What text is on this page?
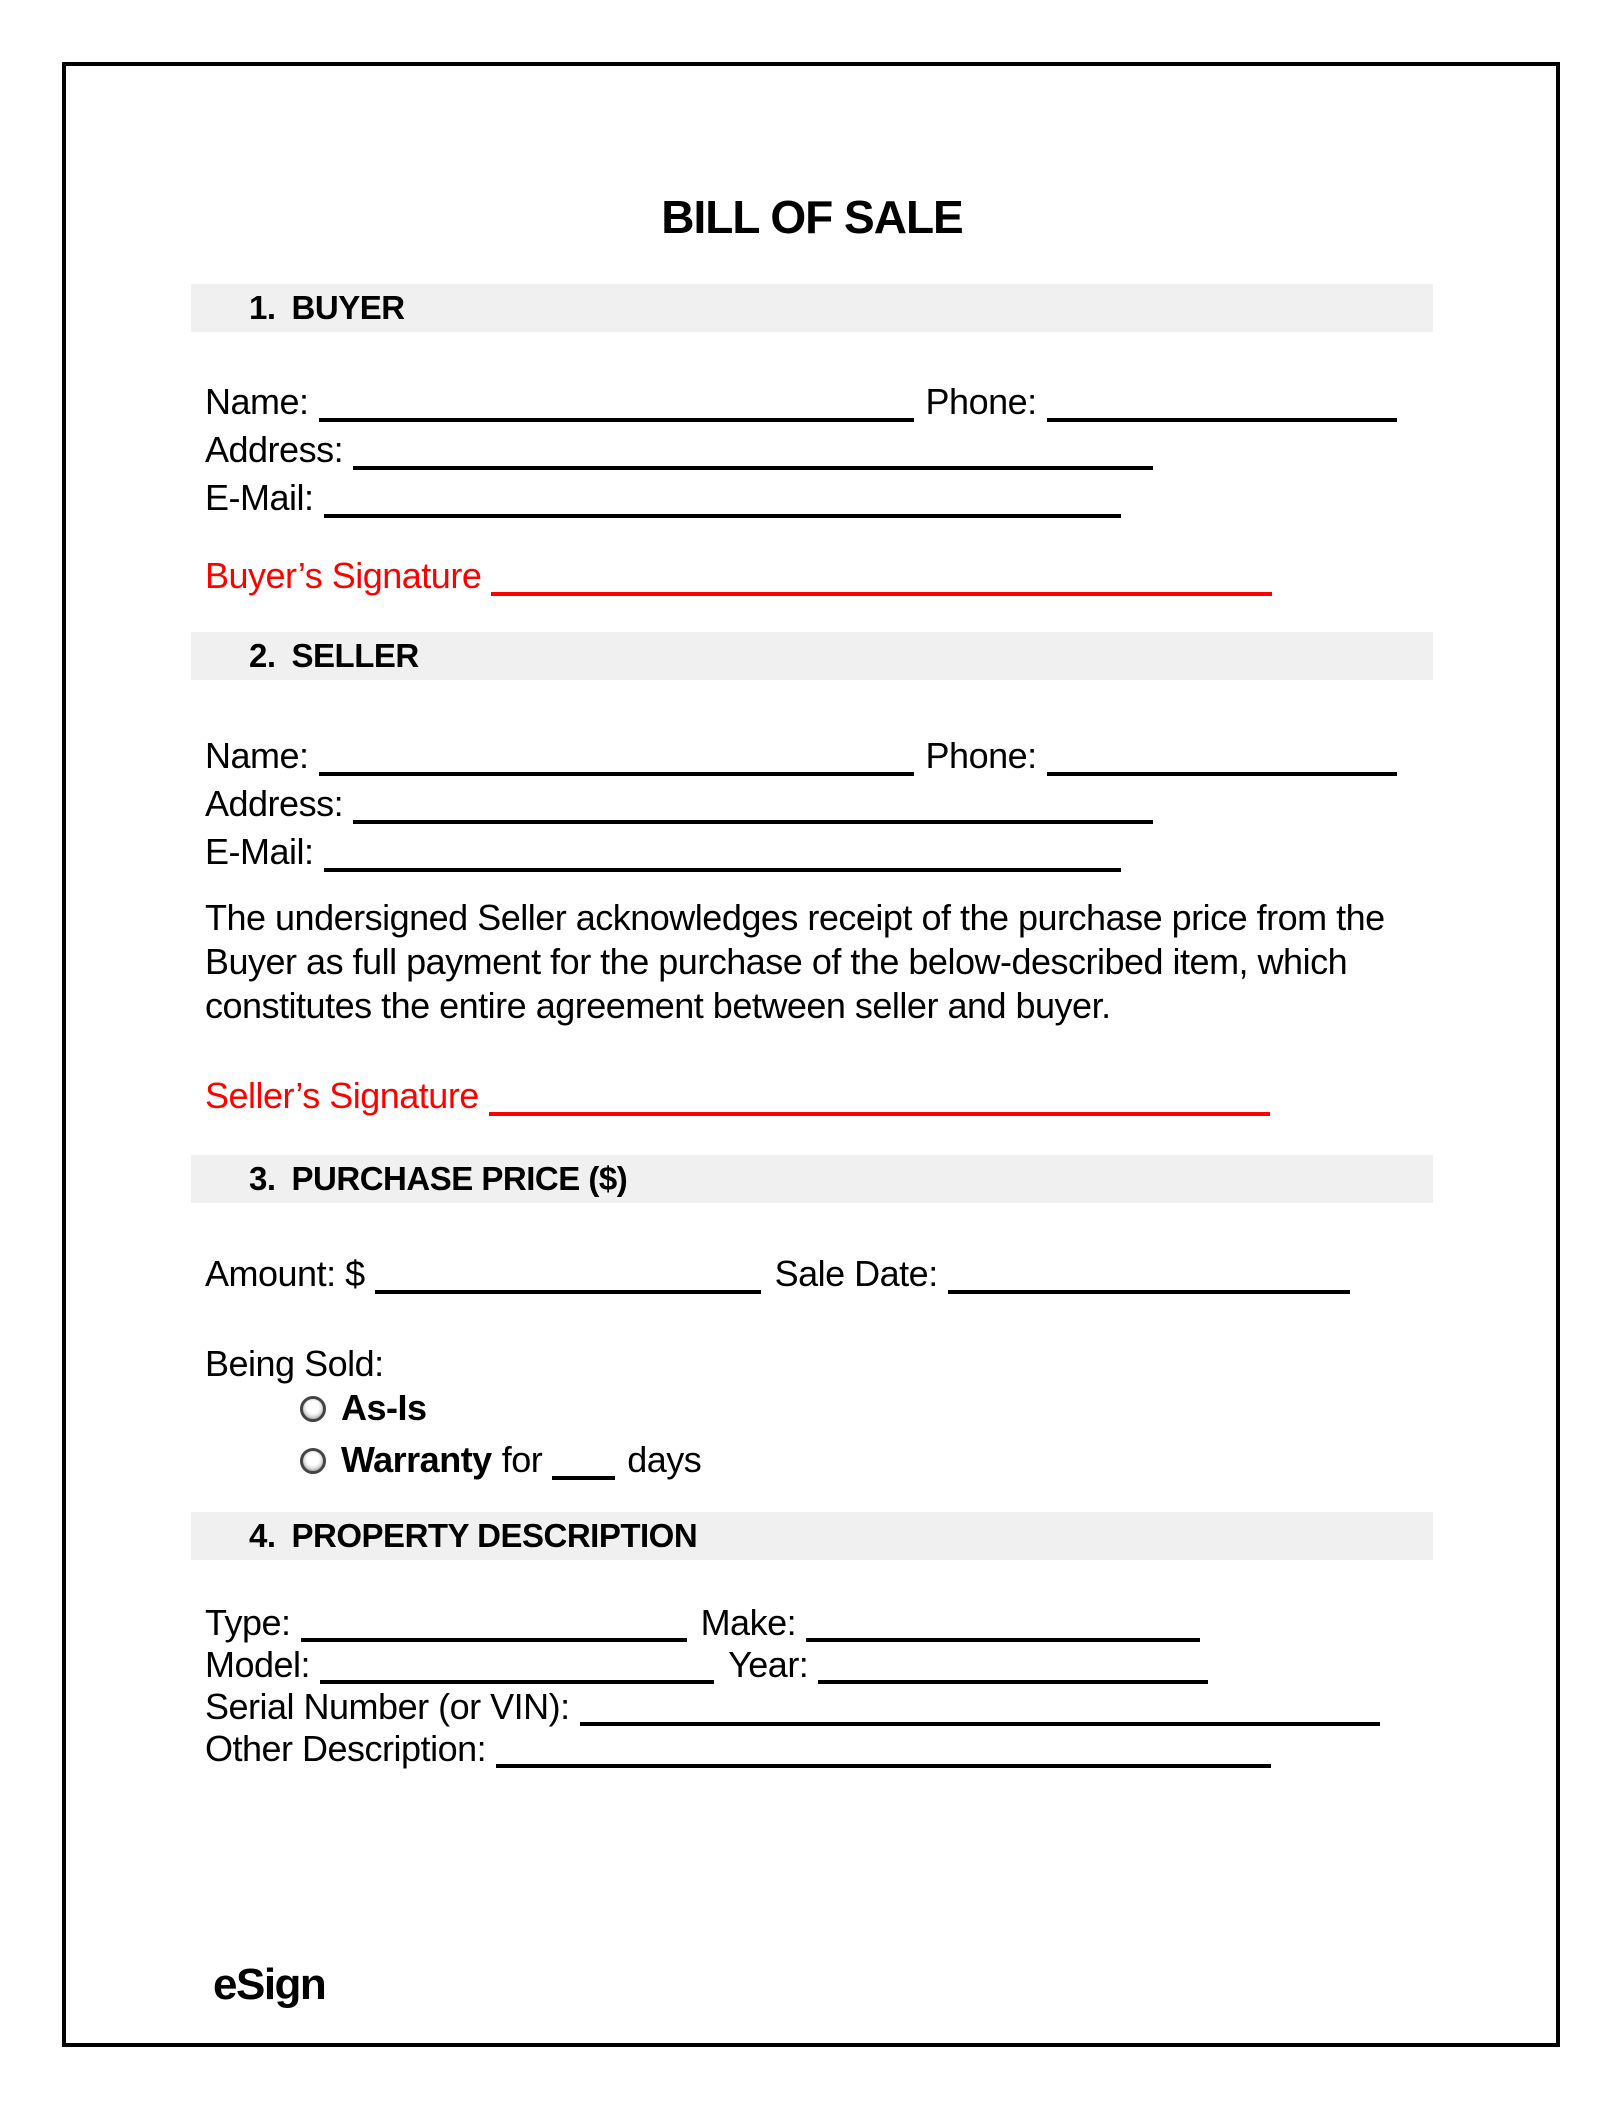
BILL OF SALE
1. BUYER
Name:	Phone:
Address:
E-Mail:
Buyer’s Signature
2. SELLER
Name:	Phone:
Address:
E-Mail:
The undersigned Seller acknowledges receipt of the purchase price from the Buyer as full payment for the purchase of the below-described item, which constitutes the entire agreement between seller and buyer.
Seller’s Signature
3. PURCHASE PRICE ($)
Amount: $	Sale Date:
Being Sold:
As-Is
Warranty for days
4. PROPERTY DESCRIPTION
Type:	Make:
Model:	Year:
Serial Number (or VIN):
Other Description:
eSign
